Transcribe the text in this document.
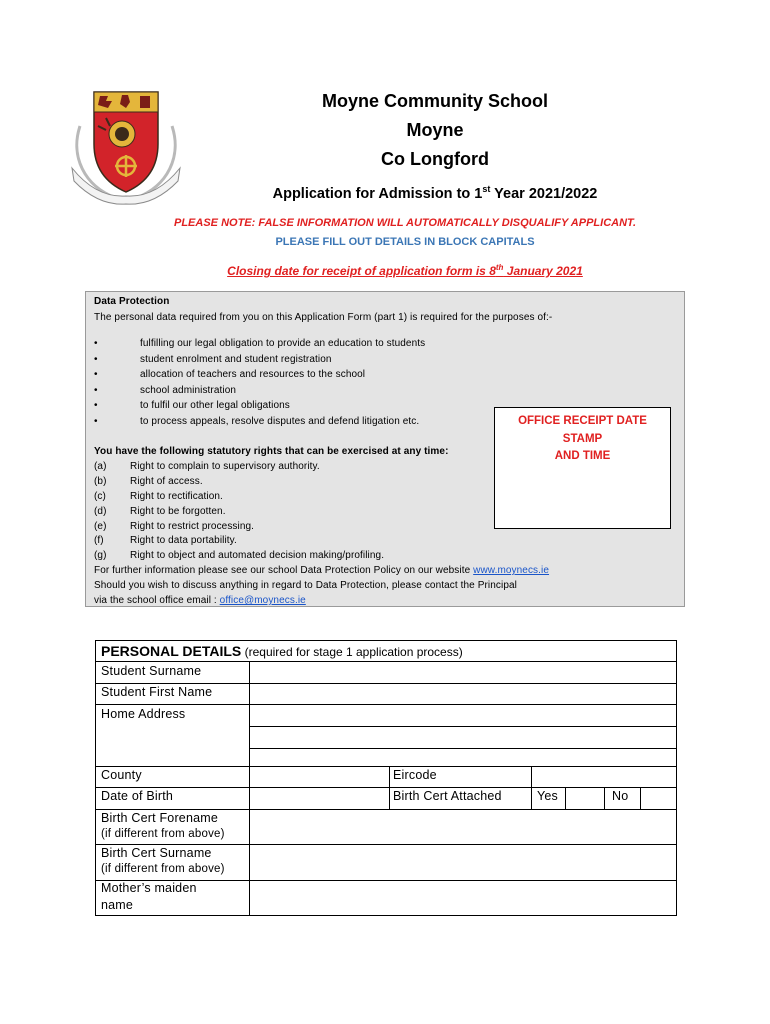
Moyne Community School
Moyne
Co Longford
Application for Admission to 1st Year 2021/2022
PLEASE NOTE: FALSE INFORMATION WILL AUTOMATICALLY DISQUALIFY APPLICANT.
PLEASE FILL OUT DETAILS IN BLOCK CAPITALS
Closing date for receipt of application form is 8th January 2021
Data Protection
The personal data required from you on this Application Form (part 1) is required for the purposes of:-
•	fulfilling our legal obligation to provide an education to students
•	student enrolment and student registration
•	allocation of teachers and resources to the school
•	school administration
•	to fulfil our other legal obligations
•	to process appeals, resolve disputes and defend litigation etc.
You have the following statutory rights that can be exercised at any time:
(a) Right to complain to supervisory authority.
(b) Right of access.
(c) Right to rectification.
(d) Right to be forgotten.
(e) Right to restrict processing.
(f)	Right to data portability.
(g) Right to object and automated decision making/profiling.
For further information please see our school Data Protection Policy on our website www.moynecs.ie
Should you wish to discuss anything in regard to Data Protection, please contact the Principal
via the school office email : office@moynecs.ie
OFFICE RECEIPT DATE
STAMP
AND TIME
PERSONAL DETAILS (required for stage 1 application process)
Student Surname
Student First Name
Home Address
County	Eircode
Date of Birth	Birth Cert Attached	Yes	No
Birth Cert Forename
(if different from above)
Birth Cert Surname
(if different from above)
Mother’s maiden
name
